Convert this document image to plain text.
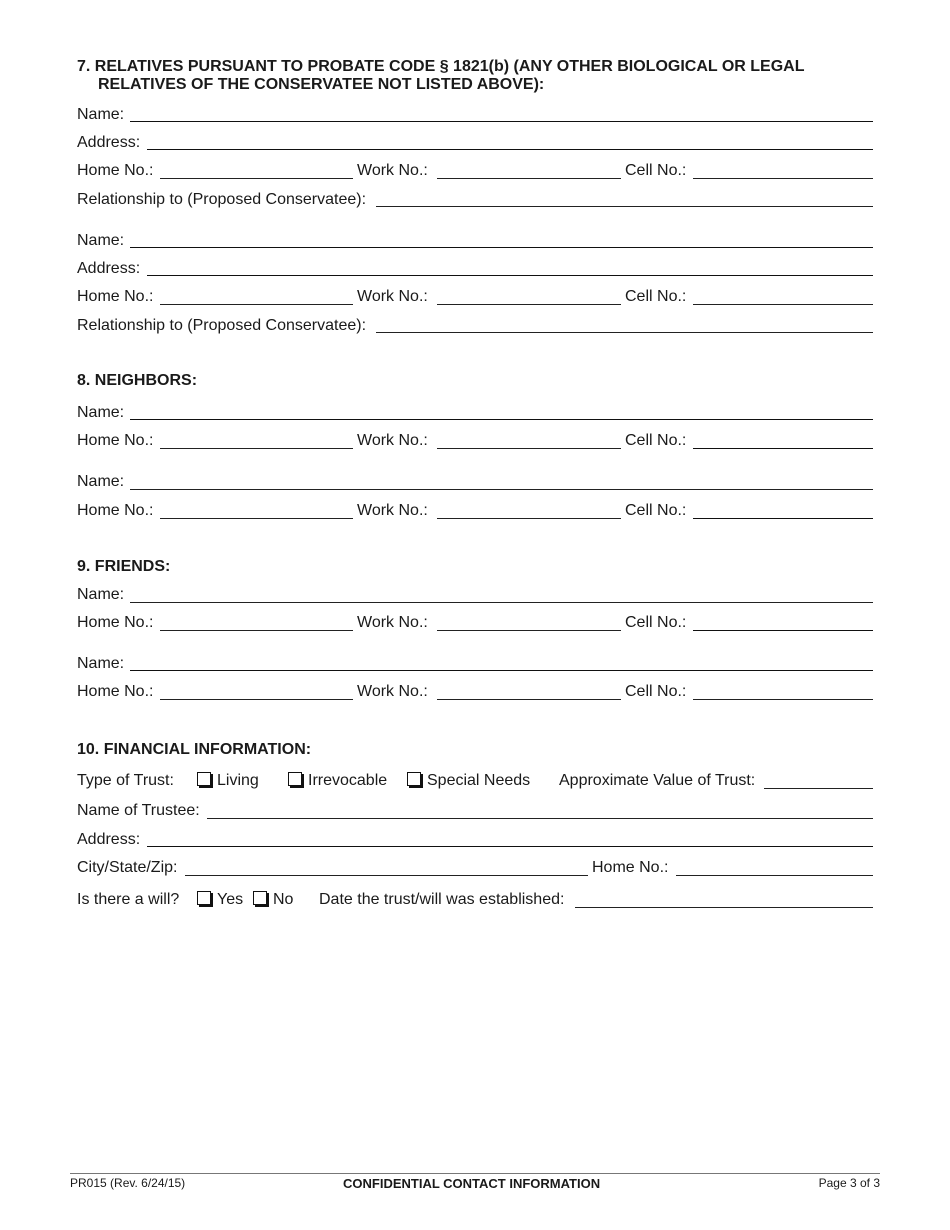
7. RELATIVES PURSUANT TO PROBATE CODE § 1821(b) (ANY OTHER BIOLOGICAL OR LEGAL
RELATIVES OF THE CONSERVATEE NOT LISTED ABOVE):
Name:
Address:
Home No.:	Work No.:	Cell No.:
Relationship to (Proposed Conservatee):
Name:
Address:
Home No.:	Work No.:	Cell No.:
Relationship to (Proposed Conservatee):
8. NEIGHBORS:
Name:
Home No.:	Work No.:	Cell No.:
Name:
Home No.:	Work No.:	Cell No.:
9. FRIENDS:
Name:
Home No.:	Work No.:	Cell No.:
Name:
Home No.:	Work No.:	Cell No.:
10. FINANCIAL INFORMATION:
Type of Trust:	Living	Irrevocable	Special Needs Approximate Value of Trust:
Name of Trustee:
Address:
City/State/Zip:	Home No.:
Is there a will?	Yes	No Date the trust/will was established:
PR015 (Rev. 6/24/15)	CONFIDENTIAL CONTACT INFORMATION	Page 3 of 3
